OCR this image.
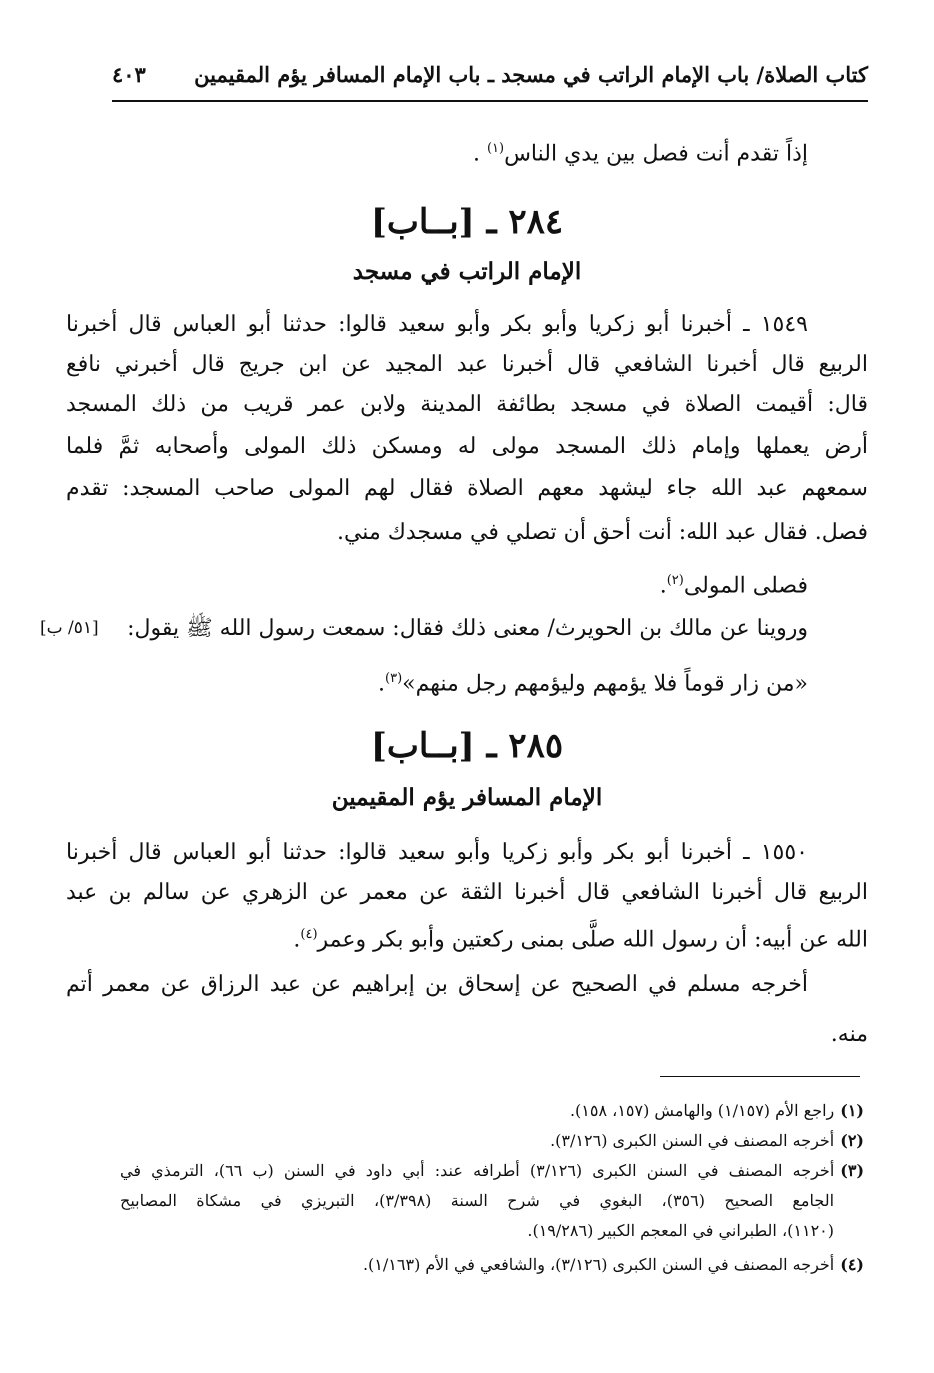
كتاب الصلاة/ باب الإمام الراتب في مسجد ـ باب الإمام المسافر يؤم المقيمين
٤٠٣
إذاً تقدم أنت فصل بين يدي الناس$^{(١)}$ .
٢٨٤ ـ [بــاب]
الإمام الراتب في مسجد
١٥٤٩ ـ أخبرنا أبو زكريا وأبو بكر وأبو سعيد قالوا: حدثنا أبو العباس قال أخبرنا
الربيع قال أخبرنا الشافعي قال أخبرنا عبد المجيد عن ابن جريج قال أخبرني نافع
قال: أقيمت الصلاة في مسجد بطائفة المدينة ولابن عمر قريب من ذلك المسجد
أرض يعملها وإمام ذلك المسجد مولى له ومسكن ذلك المولى وأصحابه ثمَّ فلما
سمعهم عبد الله جاء ليشهد معهم الصلاة فقال لهم المولى صاحب المسجد: تقدم
فصل. فقال عبد الله: أنت أحق أن تصلي في مسجدك مني.
فصلى المولى$^{(٢)}$.
وروينا عن مالك بن الحويرث/ معنى ذلك فقال: سمعت رسول الله ﷺ يقول:
[٥١/ ب]
«من زار قوماً فلا يؤمهم وليؤمهم رجل منهم»$^{(٣)}$.
٢٨٥ ـ [بــاب]
الإمام المسافر يؤم المقيمين
١٥٥٠ ـ أخبرنا أبو بكر وأبو زكريا وأبو سعيد قالوا: حدثنا أبو العباس قال أخبرنا
الربيع قال أخبرنا الشافعي قال أخبرنا الثقة عن معمر عن الزهري عن سالم بن عبد
الله عن أبيه: أن رسول الله صلَّى بمنى ركعتين وأبو بكر وعمر$^{(٤)}$.
أخرجه مسلم في الصحيح عن إسحاق بن إبراهيم عن عبد الرزاق عن معمر أتم
منه.
(١)راجع الأم (١/١٥٧) والهامش (١٥٧، ١٥٨).
(٢)أخرجه المصنف في السنن الكبرى (٣/١٢٦).
(٣)أخرجه المصنف في السنن الكبرى (٣/١٢٦) أطرافه عند: أبي داود في السنن (ب ٦٦)، الترمذي في
الجامع الصحيح (٣٥٦)، البغوي في شرح السنة (٣/٣٩٨)، التبريزي في مشكاة المصابيح
(١١٢٠)، الطبراني في المعجم الكبير (١٩/٢٨٦).
(٤)أخرجه المصنف في السنن الكبرى (٣/١٢٦)، والشافعي في الأم (١/١٦٣).
